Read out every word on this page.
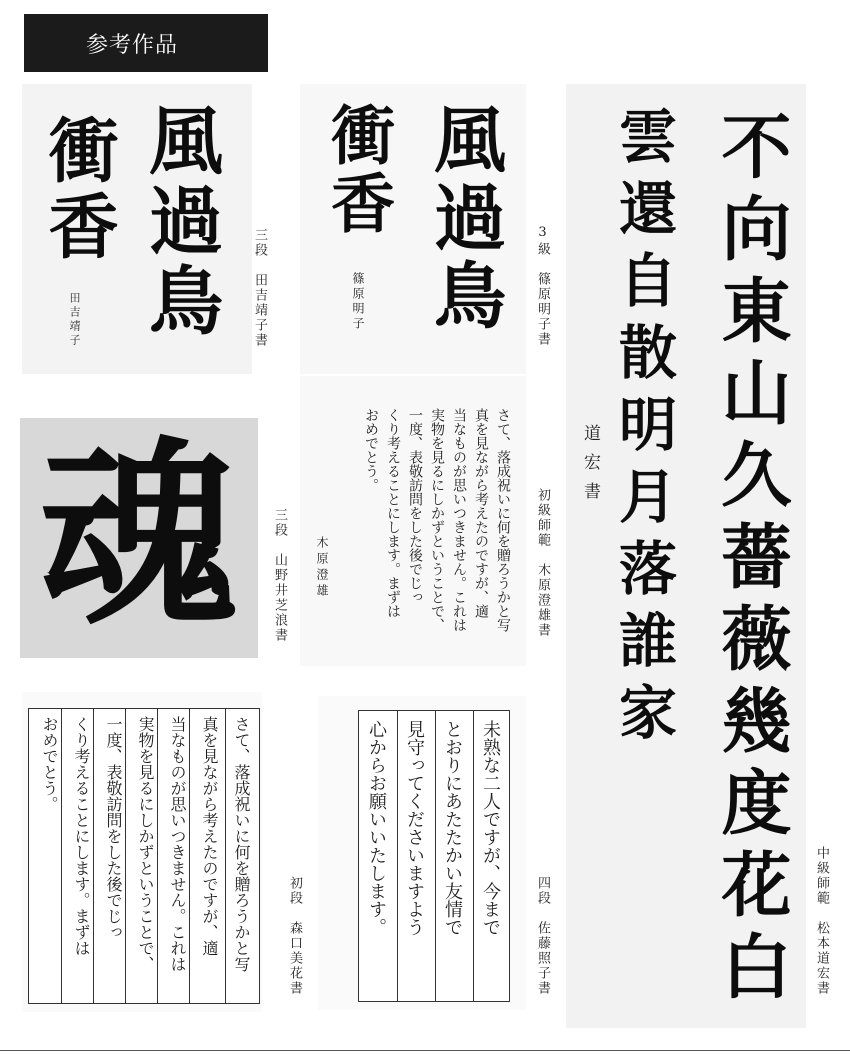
参考作品
風過鳥
衝香
田吉靖子	三段　田吉靖子書 風過鳥
衝香
篠原明子	3級　篠原明子書 不向東山久薔薇幾度花白
雲還自散明月落誰家
道宏書
中級師範　松本道宏書
魂	三段　山野井芝浪書	さて、落成祝いに何を贈ろうかと写
真を見ながら考えたのですが、適
当なものが思いつきません。これは
実物を見るにしかずということで、
一度、表敬訪問をした後でじっ
くり考えることにします。まずは
おめでとう。
木原澄雄	初級師範　木原澄雄書
さて、落成祝いに何を贈ろうかと写
真を見ながら考えたのですが、適
当なものが思いつきません。これは
実物を見るにしかずということで、
一度、表敬訪問をした後でじっ
くり考えることにします。まずは
おめでとう。
初段　森口美花書	未熟な二人ですが、今まで
とおりにあたたかい友情で
見守ってくださいますよう
心からお願いいたします。	四段　佐藤照子書
